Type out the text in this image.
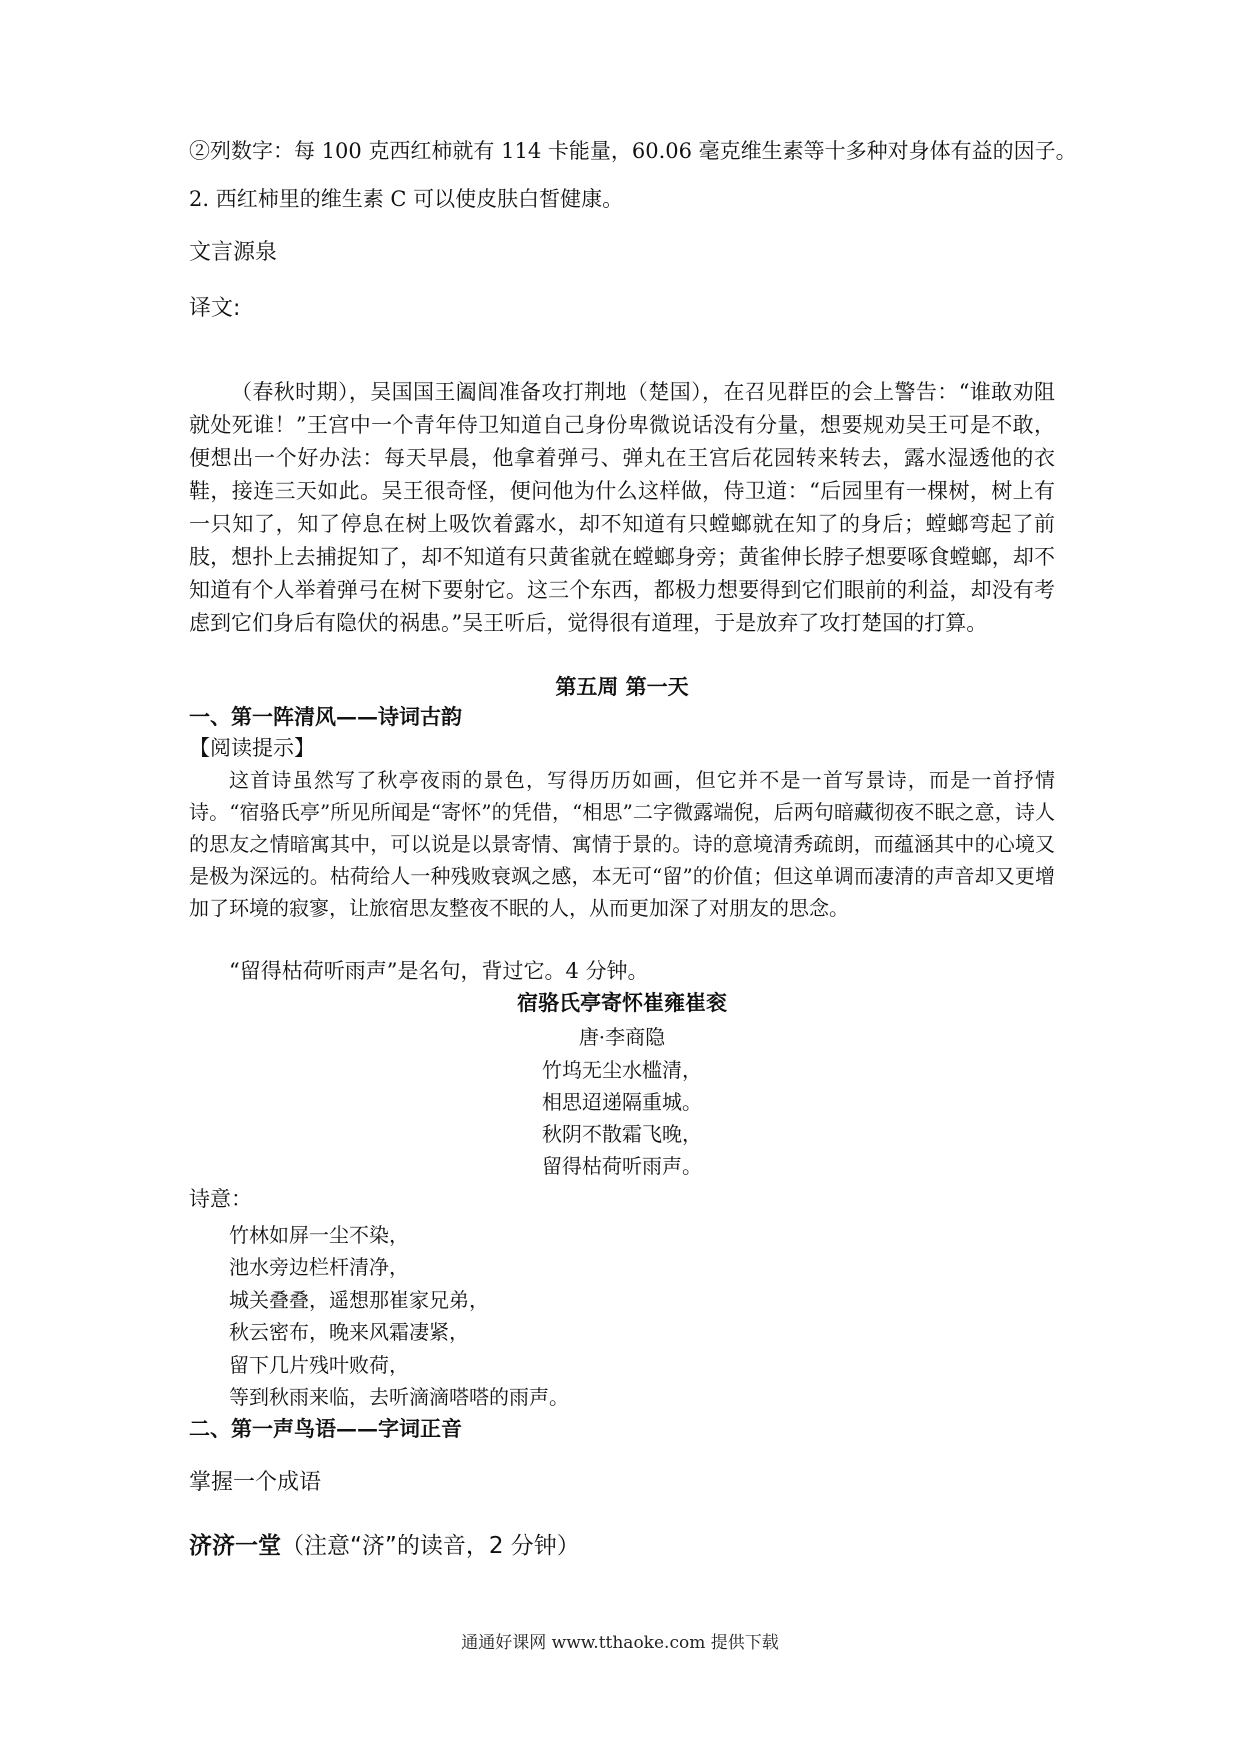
②列数字：每 100 克西红柿就有 114 卡能量，60.06 毫克维生素等十多种对身体有益的因子。

2. 西红柿里的维生素 C 可以使皮肤白皙健康。

文言源泉

译文:

（春秋时期），吴国国王阖闾准备攻打荆地（楚国），在召见群臣的会上警告：“谁敢劝阻就处死谁！”王宫中一个青年侍卫知道自己身份卑微说话没有分量，想要规劝吴王可是不敢，便想出一个好办法：每天早晨，他拿着弹弓、弹丸在王宫后花园转来转去，露水湿透他的衣鞋，接连三天如此。吴王很奇怪，便问他为什么这样做，侍卫道：“后园里有一棵树，树上有一只知了，知了停息在树上吸饮着露水，却不知道有只螳螂就在知了的身后；螳螂弯起了前肢，想扑上去捕捉知了，却不知道有只黄雀就在螳螂身旁；黄雀伸长脖子想要啄食螳螂，却不知道有个人举着弹弓在树下要射它。这三个东西，都极力想要得到它们眼前的利益，却没有考虑到它们身后有隐伏的祸患。”吴王听后，觉得很有道理，于是放弃了攻打楚国的打算。

第五周 第一天

一、第一阵清风——诗词古韵

【阅读提示】

这首诗虽然写了秋亭夜雨的景色，写得历历如画，但它并不是一首写景诗，而是一首抒情诗。“宿骆氏亭”所见所闻是“寄怀”的凭借，“相思”二字微露端倪，后两句暗藏彻夜不眠之意，诗人的思友之情暗寓其中，可以说是以景寄情、寓情于景的。诗的意境清秀疏朗，而蕴涵其中的心境又是极为深远的。枯荷给人一种残败衰飒之感，本无可“留”的价值；但这单调而凄清的声音却又更增加了环境的寂寥，让旅宿思友整夜不眠的人，从而更加深了对朋友的思念。

“留得枯荷听雨声”是名句，背过它。4 分钟。

宿骆氏亭寄怀崔雍崔衮

唐·李商隐

竹坞无尘水槛清，

相思迢递隔重城。

秋阴不散霜飞晚，

留得枯荷听雨声。

诗意：

竹林如屏一尘不染，

池水旁边栏杆清净，

城关叠叠，遥想那崔家兄弟，

秋云密布，晚来风霜凄紧，

留下几片残叶败荷，

等到秋雨来临，去听滴滴嗒嗒的雨声。

二、第一声鸟语——字词正音

掌握一个成语

济济一堂（注意“济”的读音，2 分钟）

通通好课网 www.tthaoke.com 提供下载
